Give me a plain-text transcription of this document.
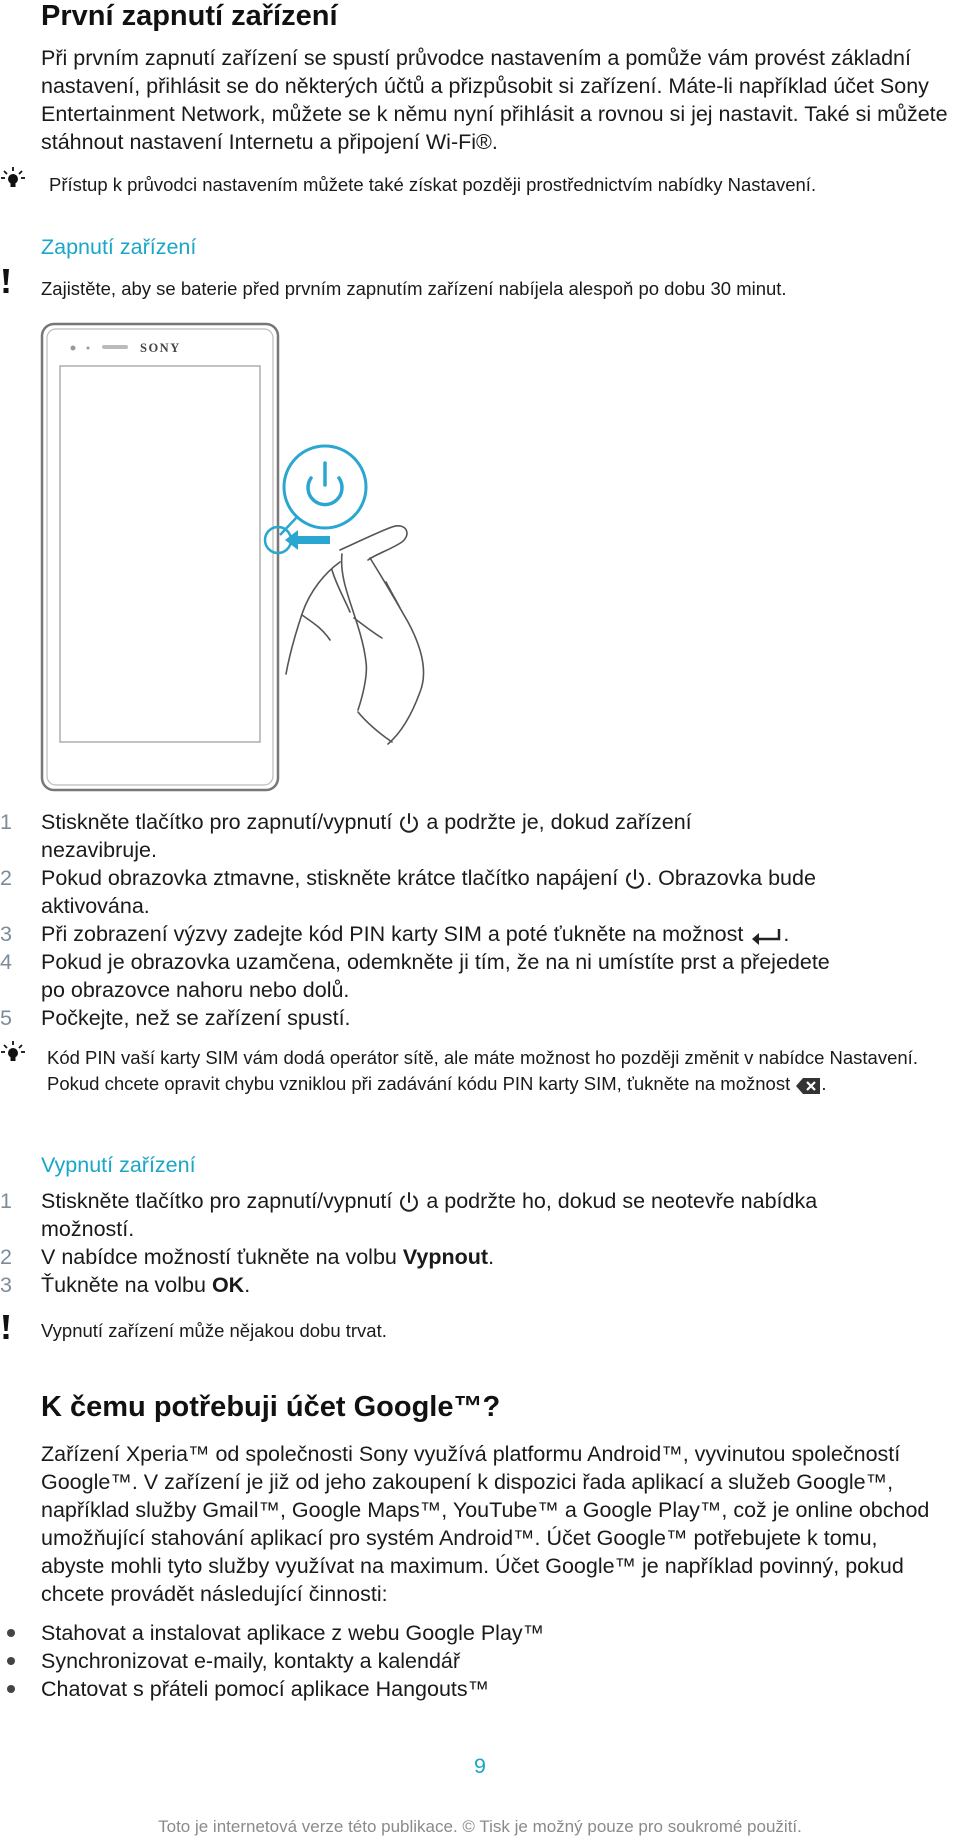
První zapnutí zařízení
Při prvním zapnutí zařízení se spustí průvodce nastavením a pomůže vám provést základní nastavení, přihlásit se do některých účtů a přizpůsobit si zařízení. Máte-li například účet Sony Entertainment Network, můžete se k němu nyní přihlásit a rovnou si jej nastavit. Také si můžete stáhnout nastavení Internetu a připojení Wi-Fi®.
Přístup k průvodci nastavením můžete také získat později prostřednictvím nabídky Nastavení.
Zapnutí zařízení
Zajistěte, aby se baterie před prvním zapnutím zařízení nabíjela alespoň po dobu 30 minut.
SONY
1 Stiskněte tlačítko pro zapnutí/vypnutí a podržte je, dokud zařízení nezavibruje.
2 Pokud obrazovka ztmavne, stiskněte krátce tlačítko napájení . Obrazovka bude aktivována.
3 Při zobrazení výzvy zadejte kód PIN karty SIM a poté ťukněte na možnost .
4 Pokud je obrazovka uzamčena, odemkněte ji tím, že na ni umístíte prst a přejedete po obrazovce nahoru nebo dolů.
5 Počkejte, než se zařízení spustí.
Kód PIN vaší karty SIM vám dodá operátor sítě, ale máte možnost ho později změnit v nabídce Nastavení. Pokud chcete opravit chybu vzniklou při zadávání kódu PIN karty SIM, ťukněte na možnost .
Vypnutí zařízení
1 Stiskněte tlačítko pro zapnutí/vypnutí a podržte ho, dokud se neotevře nabídka možností.
2 V nabídce možností ťukněte na volbu Vypnout.
3 Ťukněte na volbu OK.
Vypnutí zařízení může nějakou dobu trvat.
K čemu potřebuji účet Google™?
Zařízení Xperia™ od společnosti Sony využívá platformu Android™, vyvinutou společností Google™. V zařízení je již od jeho zakoupení k dispozici řada aplikací a služeb Google™, například služby Gmail™, Google Maps™, YouTube™ a Google Play™, což je online obchod umožňující stahování aplikací pro systém Android™. Účet Google™ potřebujete k tomu, abyste mohli tyto služby využívat na maximum. Účet Google™ je například povinný, pokud chcete provádět následující činnosti:
Stahovat a instalovat aplikace z webu Google Play™
Synchronizovat e-maily, kontakty a kalendář
Chatovat s přáteli pomocí aplikace Hangouts™
9
Toto je internetová verze této publikace. © Tisk je možný pouze pro soukromé použití.
